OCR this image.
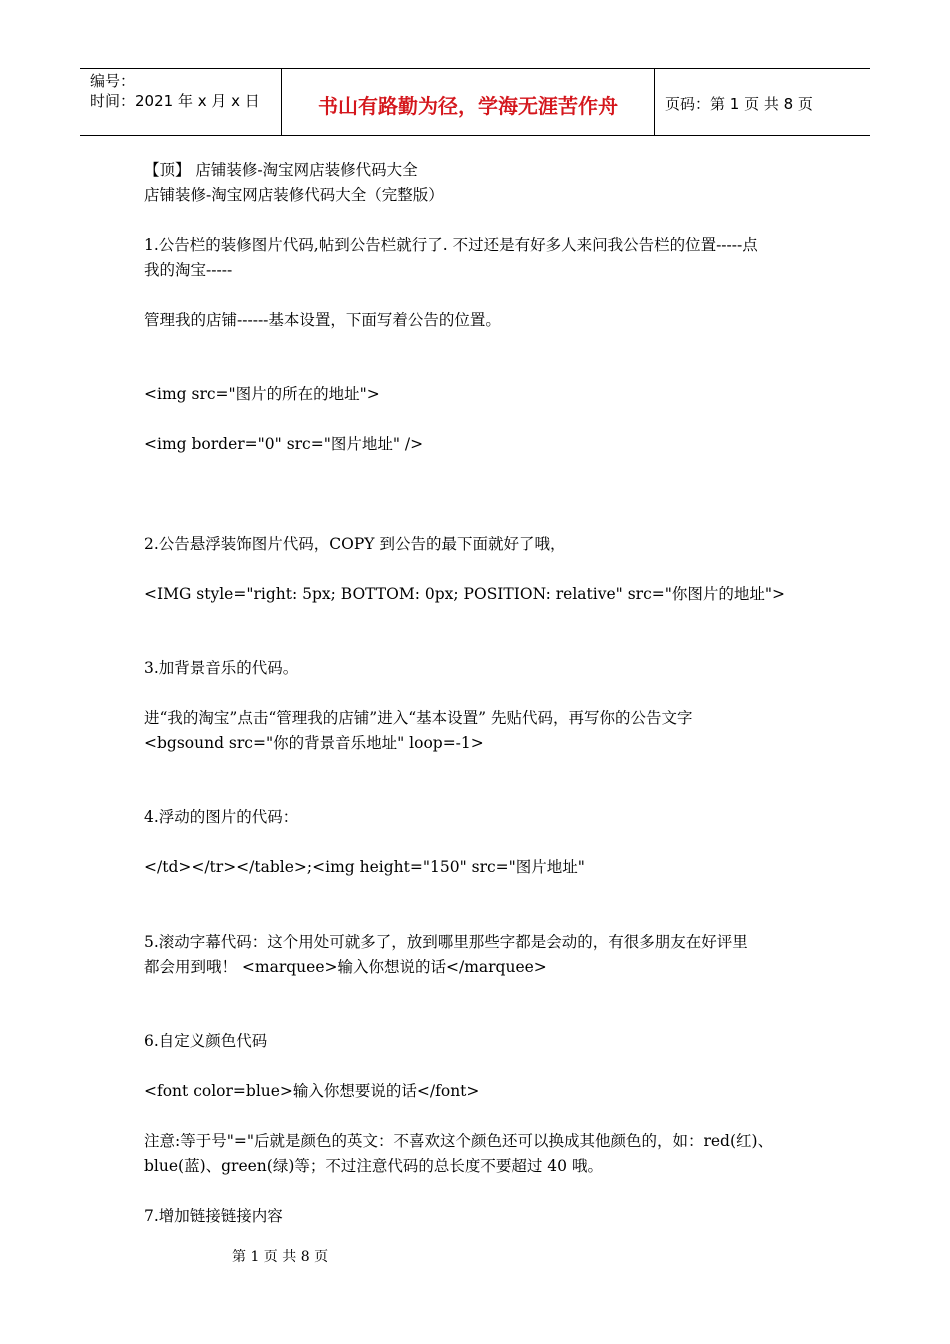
编号：
时间：2021 年 x 月 x 日	书山有路勤为径，学海无涯苦作舟	页码：第 1 页 共 8 页
【顶】 店铺装修-淘宝网店装修代码大全
店铺装修-淘宝网店装修代码大全（完整版）
1.公告栏的装修图片代码,帖到公告栏就行了. 不过还是有好多人来问我公告栏的位置-----点
我的淘宝-----
管理我的店铺------基本设置，下面写着公告的位置。
<img src="图片的所在的地址">
<img border="0" src="图片地址" />
2.公告悬浮装饰图片代码，COPY 到公告的最下面就好了哦，
<IMG style="right: 5px; BOTTOM: 0px; POSITION: relative" src="你图片的地址">
3.加背景音乐的代码。
进“我的淘宝”点击“管理我的店铺”进入“基本设置” 先贴代码，再写你的公告文字
<bgsound src="你的背景音乐地址" loop=-1>
4.浮动的图片的代码：
</td></tr></table>;<img height="150" src="图片地址"
5.滚动字幕代码：这个用处可就多了，放到哪里那些字都是会动的，有很多朋友在好评里
都会用到哦！ <marquee>输入你想说的话</marquee>
6.自定义颜色代码
<font color=blue>输入你想要说的话</font>
注意:等于号"="后就是颜色的英文：不喜欢这个颜色还可以换成其他颜色的，如：red(红)、
blue(蓝)、green(绿)等；不过注意代码的总长度不要超过 40 哦。
7.增加链接链接内容
第 1 页 共 8 页
